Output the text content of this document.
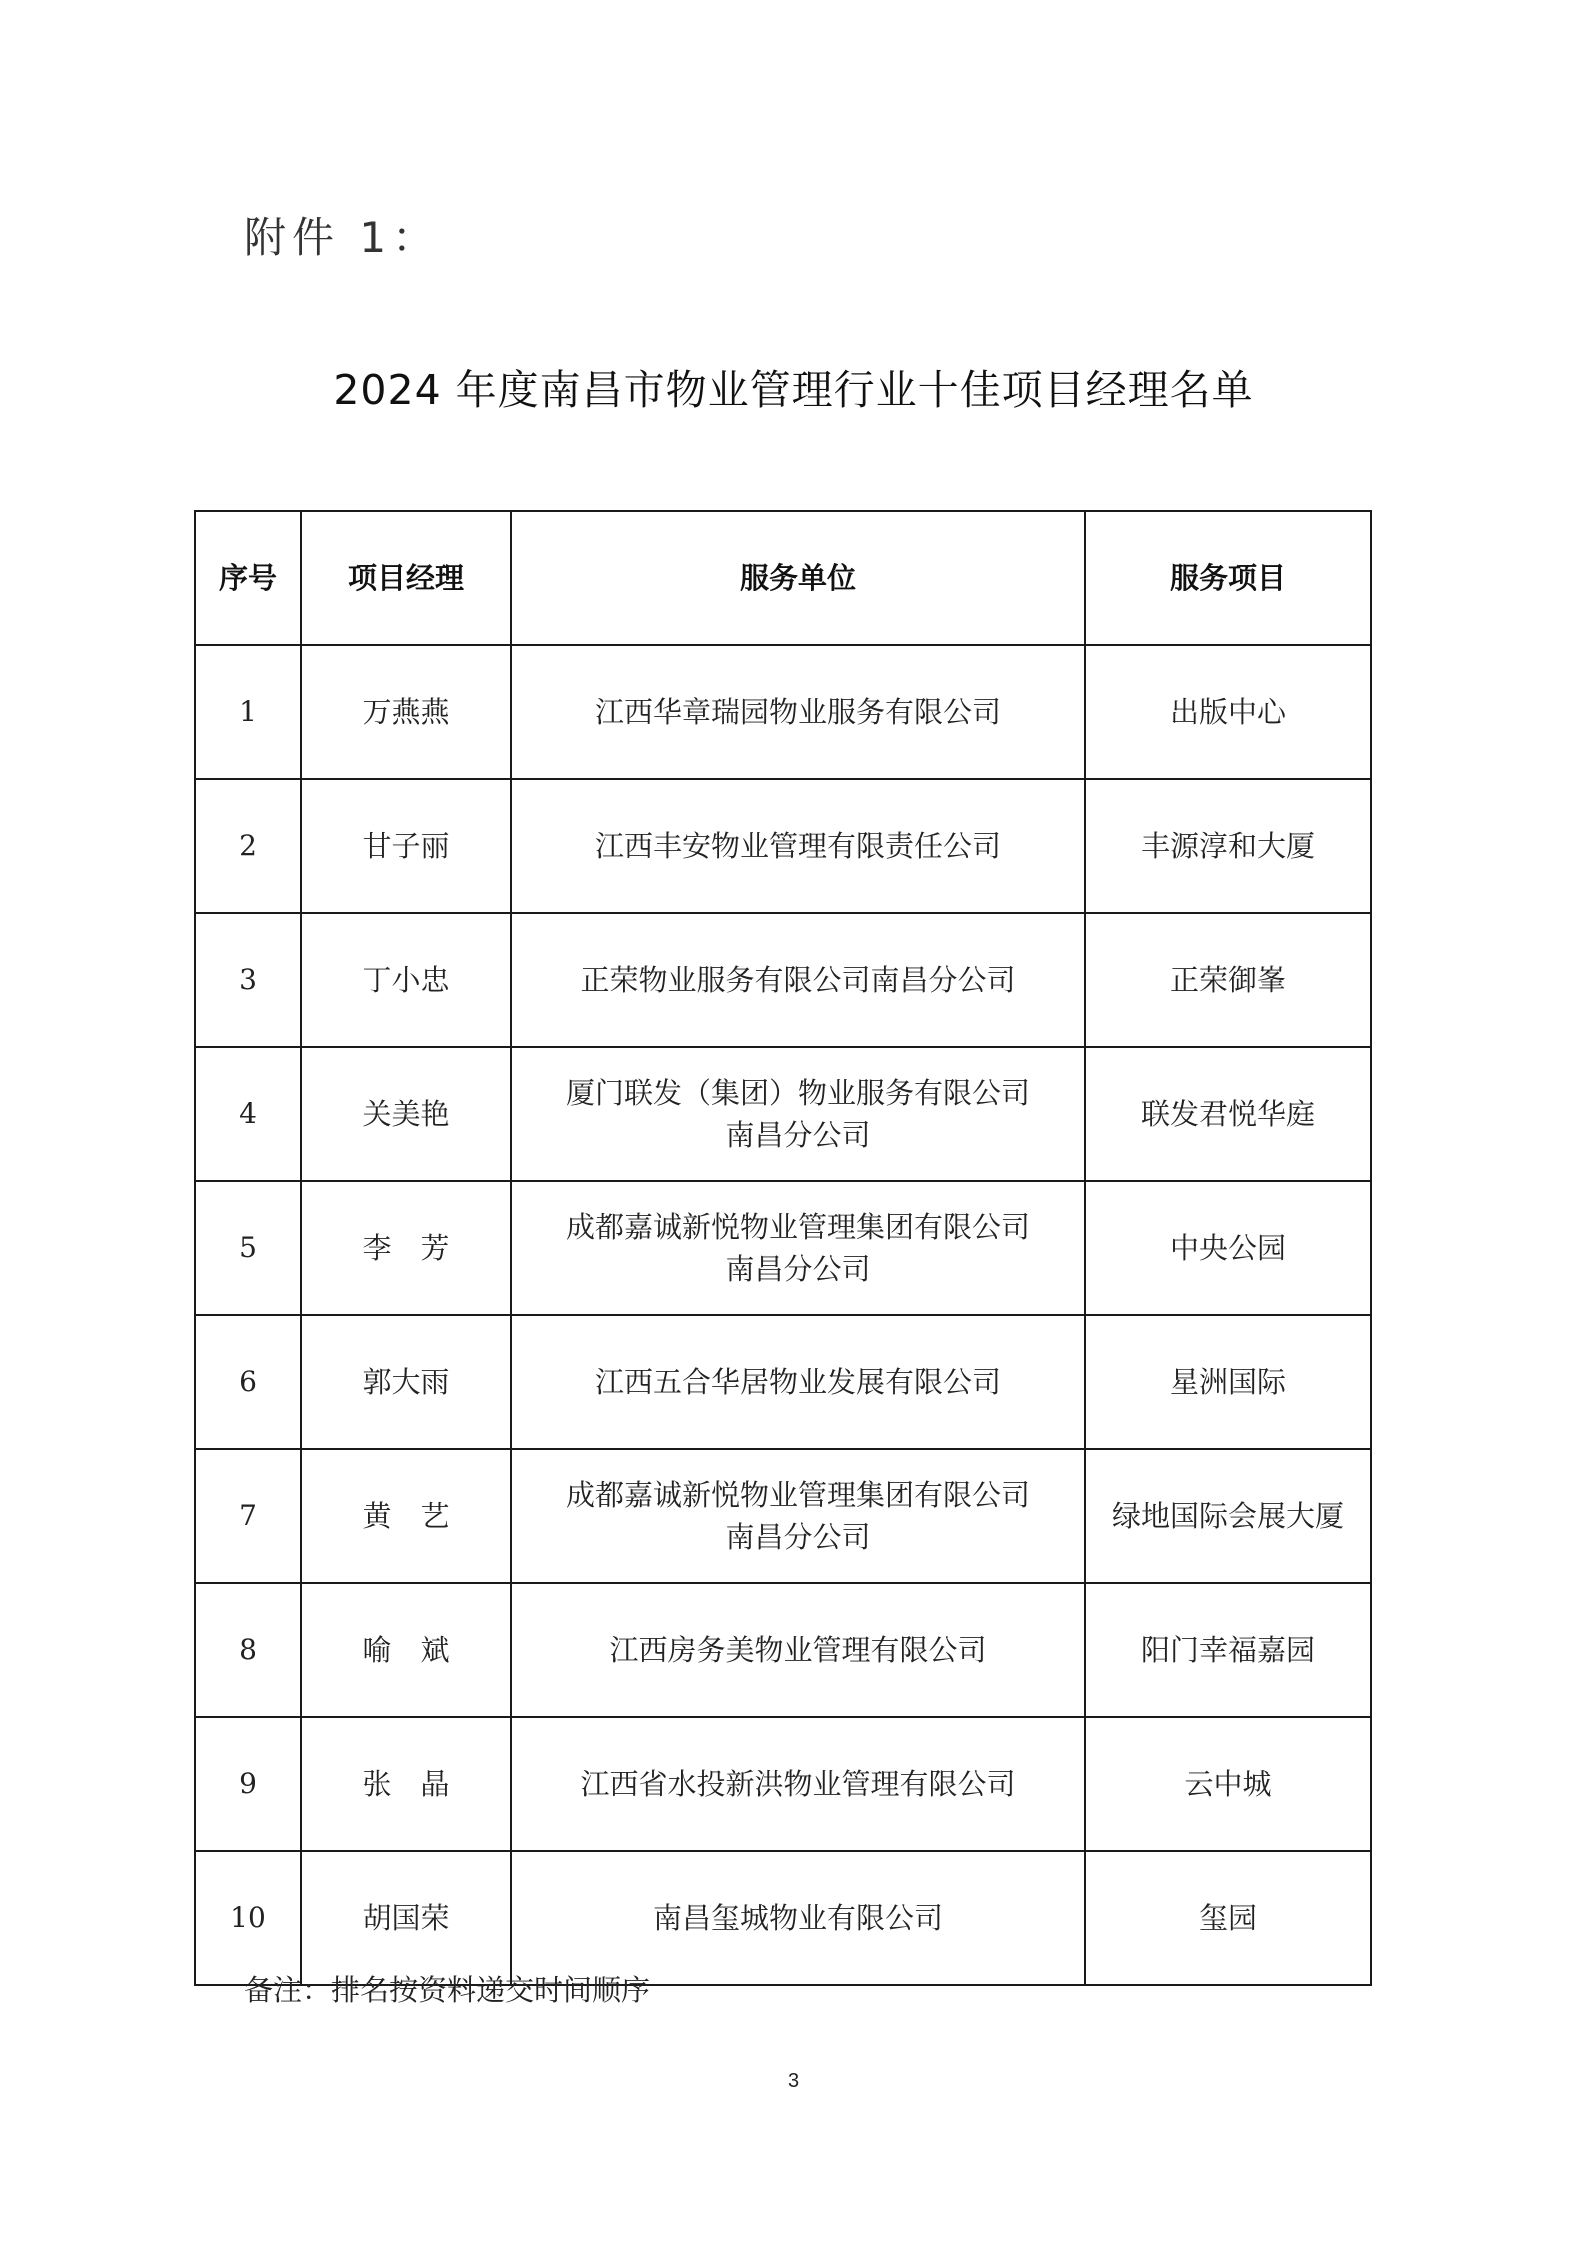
附件 1：
2024 年度南昌市物业管理行业十佳项目经理名单
序号	项目经理	服务单位	服务项目
1	万燕燕	江西华章瑞园物业服务有限公司	出版中心
2	甘子丽	江西丰安物业管理有限责任公司	丰源淳和大厦
3	丁小忠	正荣物业服务有限公司南昌分公司	正荣御峯
4	关美艳	厦门联发（集团）物业服务有限公司
南昌分公司	联发君悦华庭
5	李　芳	成都嘉诚新悦物业管理集团有限公司
南昌分公司	中央公园
6	郭大雨	江西五合华居物业发展有限公司	星洲国际
7	黄　艺	成都嘉诚新悦物业管理集团有限公司
南昌分公司	绿地国际会展大厦
8	喻　斌	江西房务美物业管理有限公司	阳门幸福嘉园
9	张　晶	江西省水投新洪物业管理有限公司	云中城
10	胡国荣	南昌玺城物业有限公司	玺园
备注：排名按资料递交时间顺序
3
